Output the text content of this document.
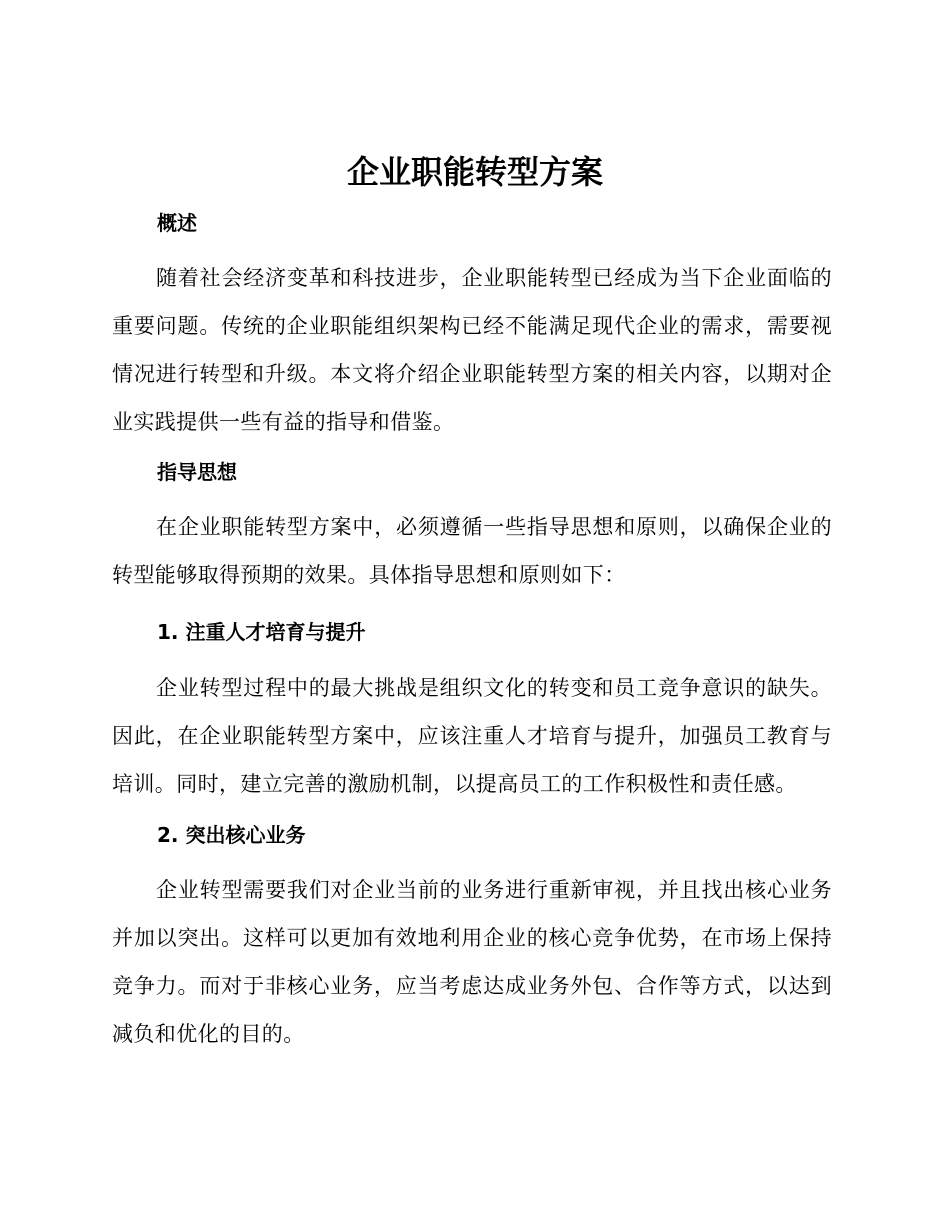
企业职能转型方案
概述

随着社会经济变革和科技进步，企业职能转型已经成为当下企业面临的重要问题。传统的企业职能组织架构已经不能满足现代企业的需求，需要视情况进行转型和升级。本文将介绍企业职能转型方案的相关内容，以期对企业实践提供一些有益的指导和借鉴。

指导思想

在企业职能转型方案中，必须遵循一些指导思想和原则，以确保企业的转型能够取得预期的效果。具体指导思想和原则如下：

1. 注重人才培育与提升

企业转型过程中的最大挑战是组织文化的转变和员工竞争意识的缺失。因此，在企业职能转型方案中，应该注重人才培育与提升，加强员工教育与培训。同时，建立完善的激励机制，以提高员工的工作积极性和责任感。

2. 突出核心业务

企业转型需要我们对企业当前的业务进行重新审视，并且找出核心业务并加以突出。这样可以更加有效地利用企业的核心竞争优势，在市场上保持竞争力。而对于非核心业务，应当考虑达成业务外包、合作等方式，以达到减负和优化的目的。
